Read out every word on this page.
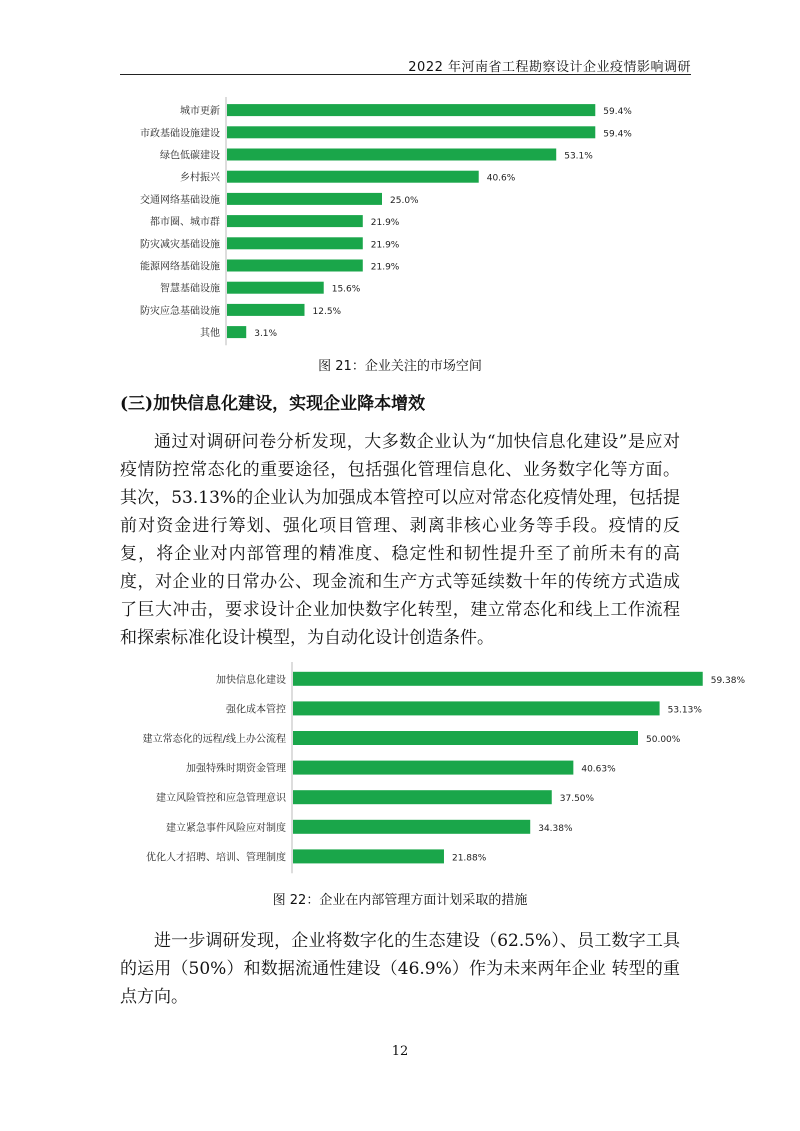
2022 年河南省工程勘察设计企业疫情影响调研
城市更新	59.4%
市政基础设施建设	59.4%
绿色低碳建设	53.1%
乡村振兴	40.6%
交通网络基础设施	25.0%
都市圈、城市群	21.9%
防灾减灾基础设施	21.9%
能源网络基础设施	21.9%
智慧基础设施	15.6%
防灾应急基础设施	12.5%
其他	3.1%
图 21：企业关注的市场空间
(三)加快信息化建设，实现企业降本增效

通过对调研问卷分析发现，大多数企业认为“加快信息化建设”是应对疫情防控常态化的重要途径，包括强化管理信息化、业务数字化等方面。其次，53.13%的企业认为加强成本管控可以应对常态化疫情处理，包括提前对资金进行筹划、强化项目管理、剥离非核心业务等手段。疫情的反复，将企业对内部管理的精准度、稳定性和韧性提升至了前所未有的高度，对企业的日常办公、现金流和生产方式等延续数十年的传统方式造成了巨大冲击，要求设计企业加快数字化转型，建立常态化和线上工作流程和探索标准化设计模型，为自动化设计创造条件。

加快信息化建设	59.38%
强化成本管控	53.13%
建立常态化的远程/线上办公流程	50.00%
加强特殊时期资金管理	40.63%
建立风险管控和应急管理意识	37.50%
建立紧急事件风险应对制度	34.38%
优化人才招聘、培训、管理制度	21.88%
图 22：企业在内部管理方面计划采取的措施

进一步调研发现，企业将数字化的生态建设（62.5%）、员工数字工具的运用（50%）和数据流通性建设（46.9%）作为未来两年企业 转型的重点方向。

12
